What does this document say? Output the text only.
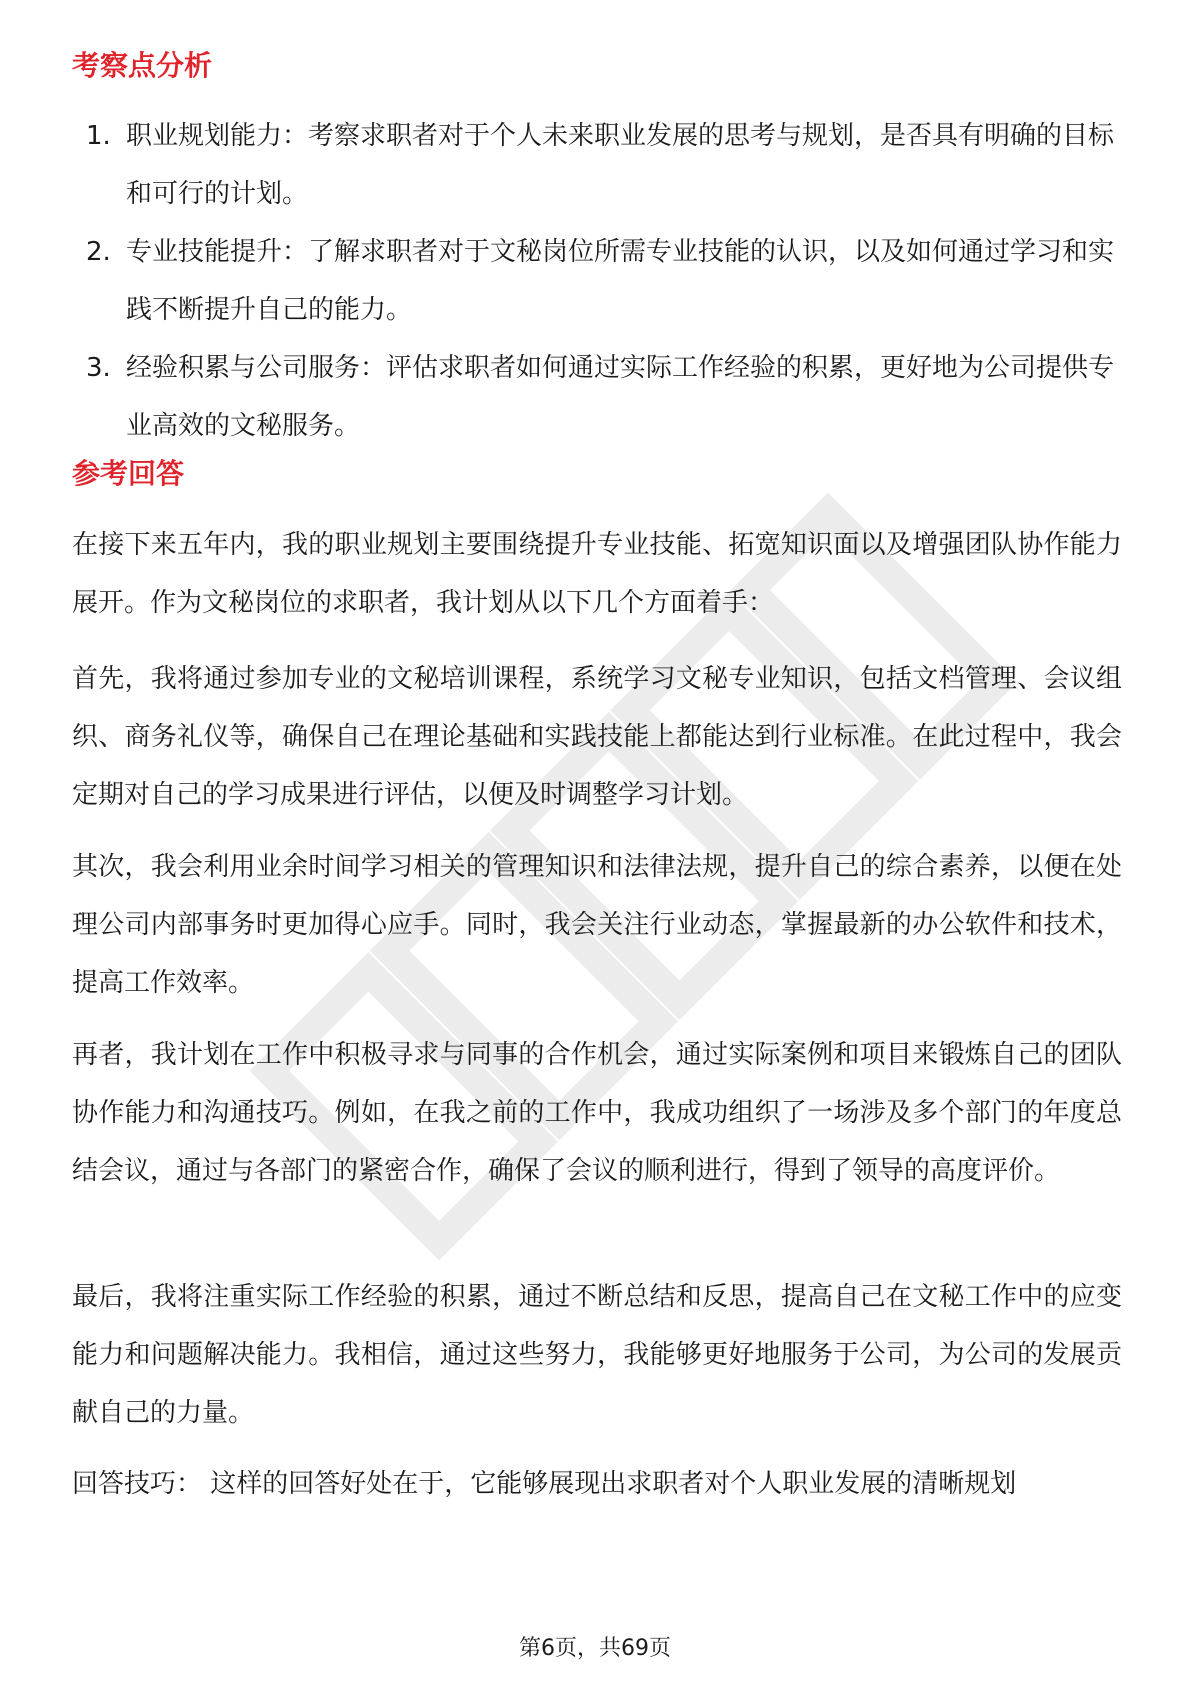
考察点分析
1. 职业规划能力：考察求职者对于个人未来职业发展的思考与规划，是否具有明确的目标和可行的计划。
2. 专业技能提升：了解求职者对于文秘岗位所需专业技能的认识，以及如何通过学习和实践不断提升自己的能力。
3. 经验积累与公司服务：评估求职者如何通过实际工作经验的积累，更好地为公司提供专业高效的文秘服务。
参考回答

在接下来五年内，我的职业规划主要围绕提升专业技能、拓宽知识面以及增强团队协作能力展开。作为文秘岗位的求职者，我计划从以下几个方面着手：

首先，我将通过参加专业的文秘培训课程，系统学习文秘专业知识，包括文档管理、会议组织、商务礼仪等，确保自己在理论基础和实践技能上都能达到行业标准。在此过程中，我会定期对自己的学习成果进行评估，以便及时调整学习计划。

其次，我会利用业余时间学习相关的管理知识和法律法规，提升自己的综合素养，以便在处理公司内部事务时更加得心应手。同时，我会关注行业动态，掌握最新的办公软件和技术，提高工作效率。

再者，我计划在工作中积极寻求与同事的合作机会，通过实际案例和项目来锻炼自己的团队协作能力和沟通技巧。例如，在我之前的工作中，我成功组织了一场涉及多个部门的年度总结会议，通过与各部门的紧密合作，确保了会议的顺利进行，得到了领导的高度评价。

最后，我将注重实际工作经验的积累，通过不断总结和反思，提高自己在文秘工作中的应变能力和问题解决能力。我相信，通过这些努力，我能够更好地服务于公司，为公司的发展贡献自己的力量。

回答技巧： 这样的回答好处在于，它能够展现出求职者对个人职业发展的清晰规划

第6页，共69页
